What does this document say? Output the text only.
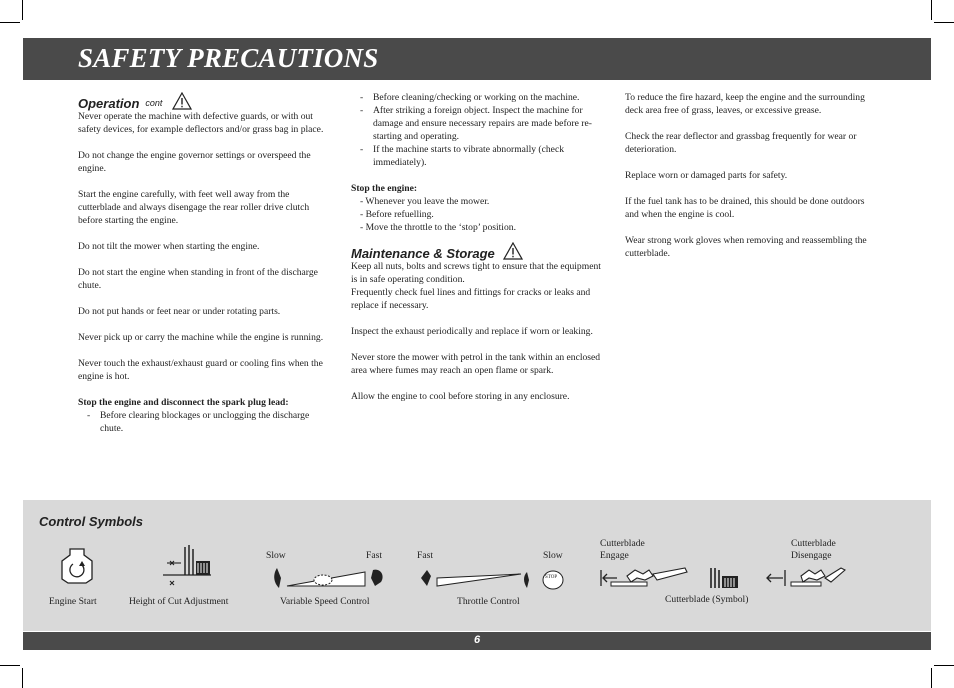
SAFETY PRECAUTIONS
Operation cont

Never operate the machine with defective guards, or with out safety devices, for example deflectors and/or grass bag in place.

Do not change the engine governor settings or overspeed the engine.

Start the engine carefully, with feet well away from the cutterblade and always disengage the rear roller drive clutch before starting the engine.

Do not tilt the mower when starting the engine.

Do not start the engine when standing in front of the discharge chute.

Do not put hands or feet near or under rotating parts.

Never pick up or carry the machine while the engine is running.

Never touch the exhaust/exhaust guard or cooling fins when the engine is hot.

Stop the engine and disconnect the spark plug lead:

-	Before clearing blockages or unclogging the discharge chute.
-	Before cleaning/checking or working on the machine.
-	After striking a foreign object. Inspect the machine for damage and ensure necessary repairs are made before re-starting and operating.
-	If the machine starts to vibrate abnormally (check immediately).

Stop the engine:

- Whenever you leave the mower.
- Before refuelling.
- Move the throttle to the ‘stop’ position.
Maintenance & Storage

Keep all nuts, bolts and screws tight to ensure that the equipment is in safe operating condition.

Frequently check fuel lines and fittings for cracks or leaks and replace if necessary.

Inspect the exhaust periodically and replace if worn or leaking.

Never store the mower with petrol in the tank within an enclosed area where fumes may reach an open flame or spark.

Allow the engine to cool before storing in any enclosure.

To reduce the fire hazard, keep the engine and the surrounding deck area free of grass, leaves, or excessive grease.

Check the rear deflector and grassbag frequently for wear or deterioration.

Replace worn or damaged parts for safety.

If the fuel tank has to be drained, this should be done outdoors and when the engine is cool.

Wear strong work gloves when removing and reassembling the cutterblade.

Control Symbols
Engine Start	Height of Cut Adjustment
Slow	Fast
Variable Speed Control
Fast	Slow
STOP
Throttle Control
Cutterblade
Engage
Cutterblade (Symbol)
Cutterblade
Disengage
6
